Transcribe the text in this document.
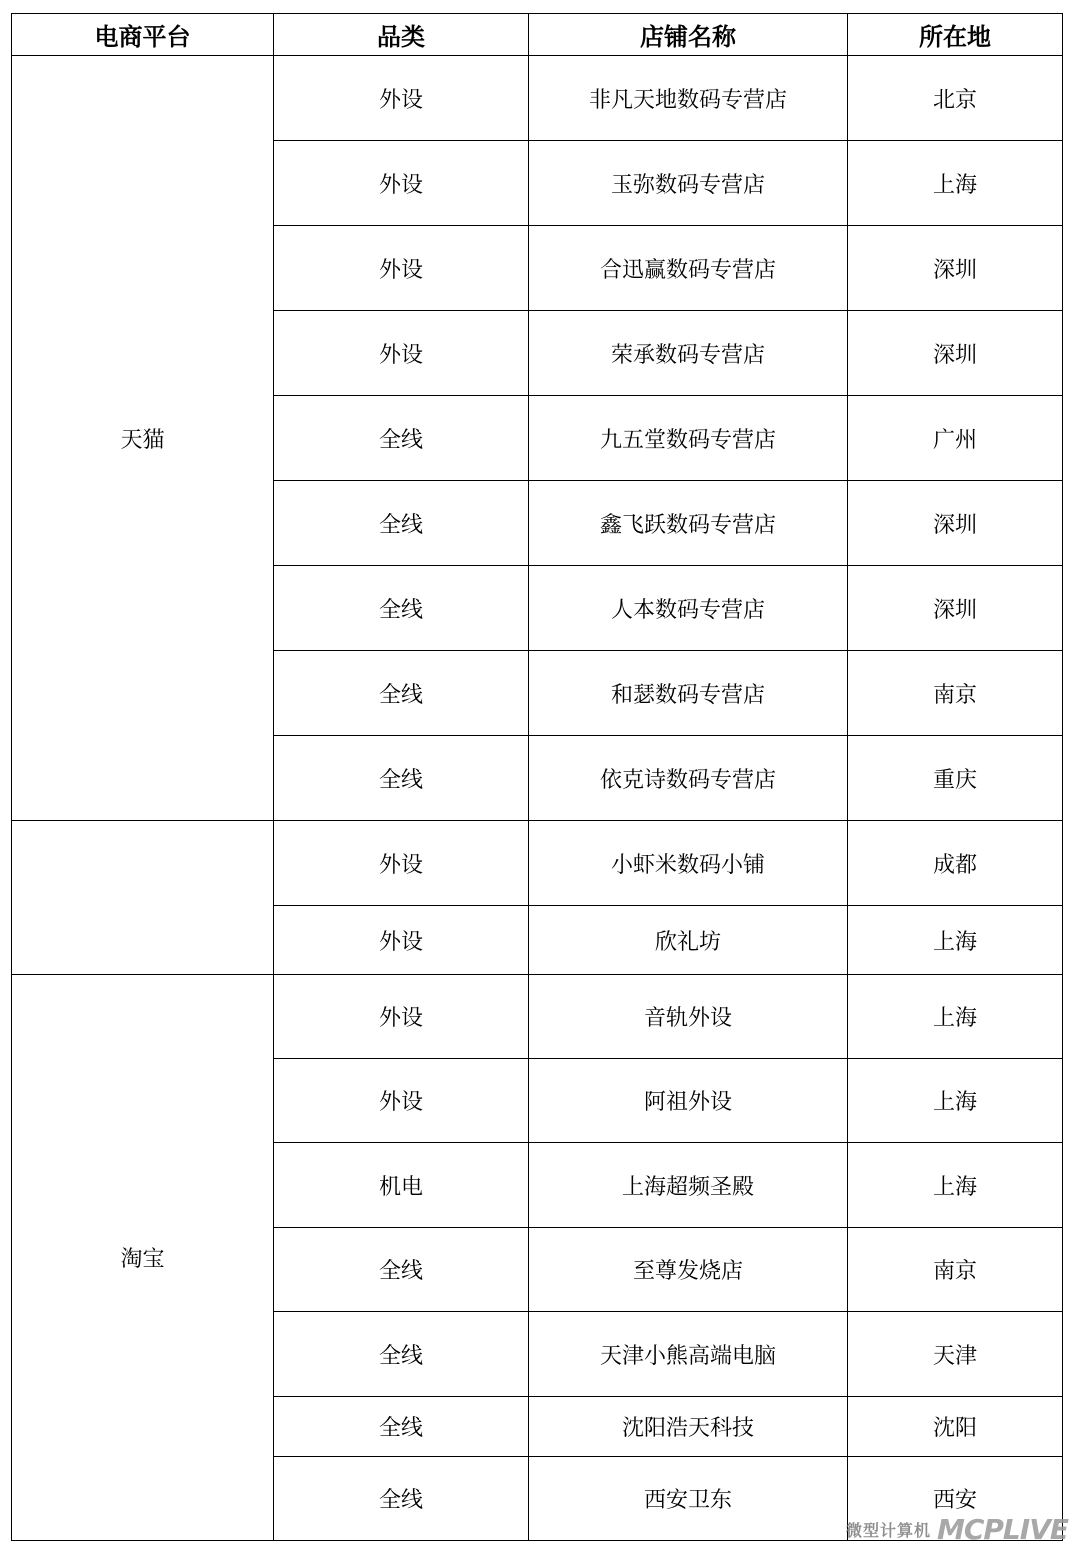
电商平台	品类	店铺名称	所在地
天猫	外设	非凡天地数码专营店	北京
	外设	玉弥数码专营店	上海
	外设	合迅赢数码专营店	深圳
	外设	荣承数码专营店	深圳
	全线	九五堂数码专营店	广州
	全线	鑫飞跃数码专营店	深圳
	全线	人本数码专营店	深圳
	全线	和瑟数码专营店	南京
	全线	依克诗数码专营店	重庆
	外设	小虾米数码小铺	成都
	外设	欣礼坊	上海
淘宝	外设	音轨外设	上海
	外设	阿祖外设	上海
	机电	上海超频圣殿	上海
	全线	至尊发烧店	南京
	全线	天津小熊高端电脑	天津
	全线	沈阳浩天科技	沈阳
	全线	西安卫东	西安
微型计算机 MCPLIVE
